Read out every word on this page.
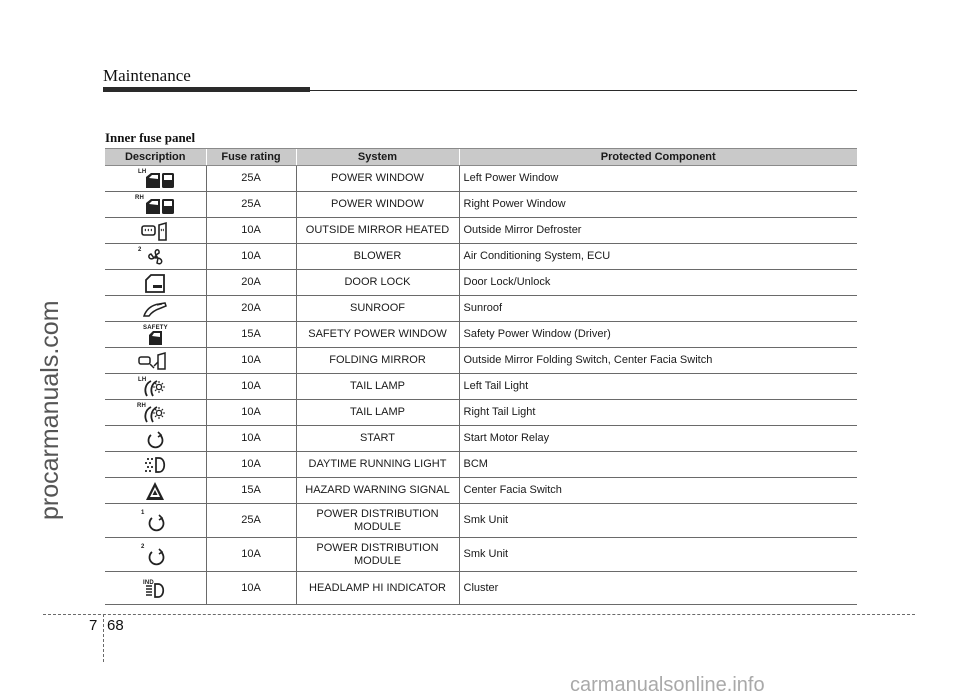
Maintenance
Inner fuse panel
Description	Fuse rating	System	Protected Component

LH	25A	POWER WINDOW	Left Power Window

RH	25A	POWER WINDOW	Right Power Window
	10A	OUTSIDE MIRROR HEATED	Outside Mirror Defroster

2	10A	BLOWER	Air Conditioning System, ECU
	20A	DOOR LOCK	Door Lock/Unlock
	20A	SUNROOF	Sunroof

SAFETY	15A	SAFETY POWER WINDOW	Safety Power Window (Driver)
	10A	FOLDING MIRROR	Outside Mirror Folding Switch, Center Facia Switch

LH	10A	TAIL LAMP	Left Tail Light

RH	10A	TAIL LAMP	Right Tail Light
	10A	START	Start Motor Relay
	10A	DAYTIME RUNNING LIGHT	BCM
	15A	HAZARD WARNING SIGNAL	Center Facia Switch

1	25A	POWER DISTRIBUTION MODULE	Smk Unit

2	10A	POWER DISTRIBUTION MODULE	Smk Unit

IND	10A	HEADLAMP HI INDICATOR	Cluster
7 68
procarmanuals.com
carmanualsonline.info
